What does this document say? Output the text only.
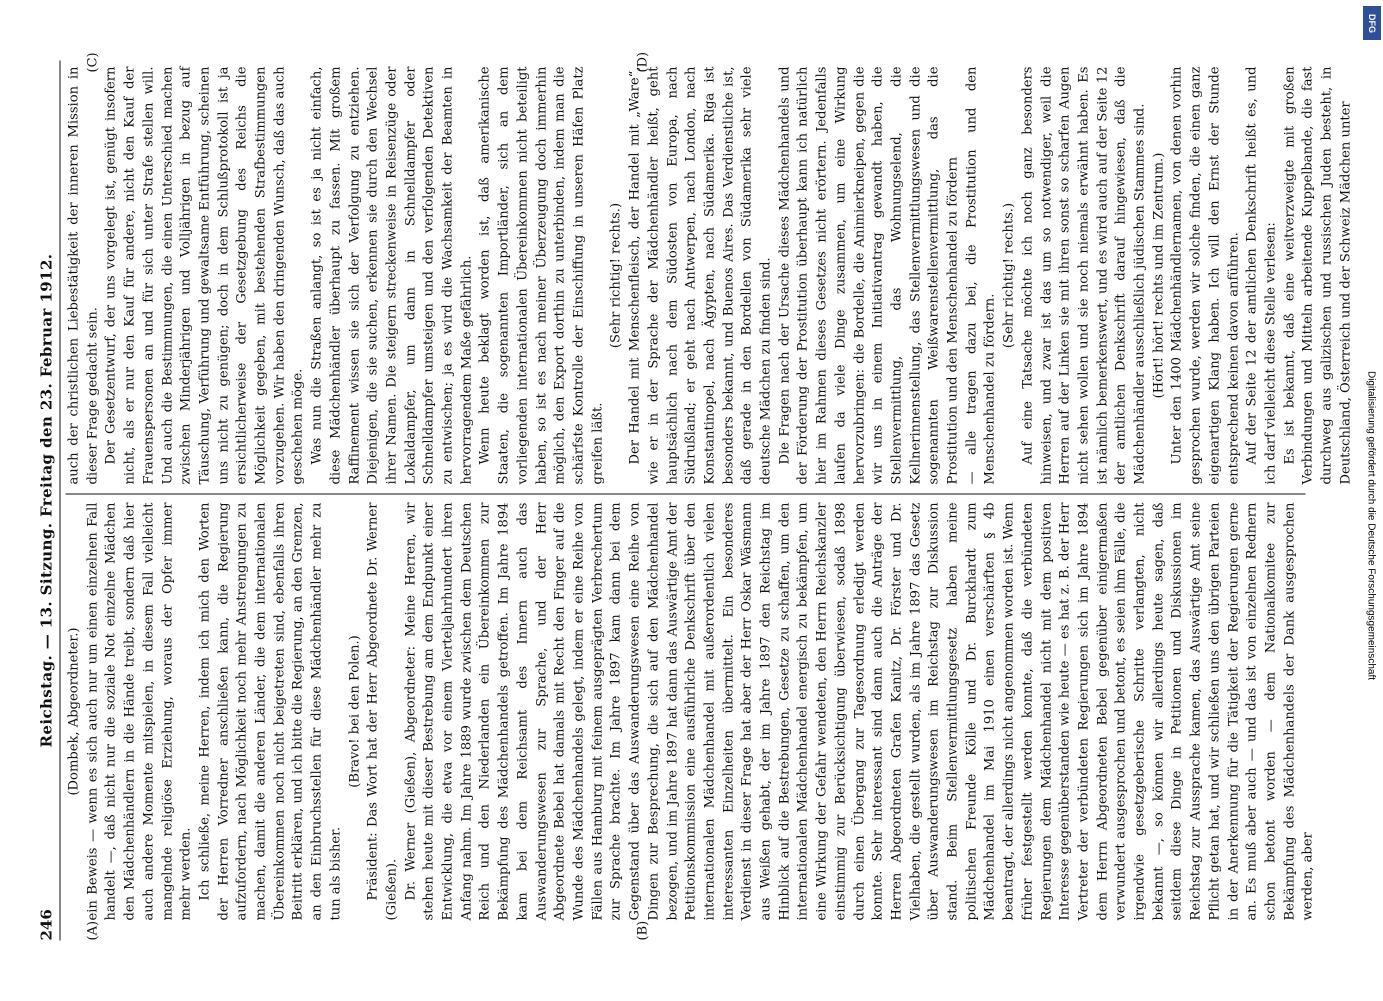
246
Reichstag. — 13. Sitzung. Freitag den 23. Februar 1912.
(A)	(B)
(C)	(D)

(Dombek, Abgeordneter.) ein Beweis — wenn es sich auch nur um einen einzelnen Fall handelt —, daß nicht nur die soziale Not einzelne Mädchen den Mädchenhändlern in die Hände treibt, sondern daß hier auch andere Momente mitspielen, in diesem Fall vielleicht mangelnde religiöse Erziehung, woraus der Opfer immer mehr werden. Ich schließe, meine Herren, indem ich mich den Worten der Herren Vorredner anschließen kann, die Regierung aufzufordern, nach Möglichkeit noch mehr Anstrengungen zu machen, damit die anderen Länder, die dem internationalen Übereinkommen noch nicht beigetreten sind, ebenfalls ihren Beitritt erklären, und ich bitte die Regierung, an den Grenzen, an den Einbruchsstellen für diese Mädchenhändler mehr zu tun als bisher.

(Bravo! bei den Polen.) Präsident: Das Wort hat der Herr Abgeordnete Dr. Werner (Gießen). Dr. Werner (Gießen), Abgeordneter: Meine Herren, wir stehen heute mit dieser Bestrebung am dem Endpunkt einer Entwicklung, die etwa vor einem Vierteljahrhundert ihren Anfang nahm. Im Jahre 1889 wurde zwischen dem Deutschen Reich und den Niederlanden ein Übereinkommen zur Bekämpfung des Mädchenhandels getroffen. Im Jahre 1894 kam bei dem Reichsamt des Innern auch das Auswanderungswesen zur Sprache, und der Herr Abgeordnete Bebel hat damals mit Recht den Finger auf die Wunde des Mädchenhandels gelegt, indem er eine Reihe von Fällen aus Hamburg mit feinem ausgeprägten Verbrechertum zur Sprache brachte. Im Jahre 1897 kam dann bei dem Gegenstand über das Auswanderungswesen eine Reihe von Dingen zur Besprechung, die sich auf den Mädchenhandel bezogen, und im Jahre 1897 hat dann das Auswärtige Amt der Petitionskommission eine ausführliche Denkschrift über den internationalen Mädchenhandel mit außerordentlich vielen interessanten Einzelheiten übermittelt. Ein besonderes Verdienst in dieser Frage hat aber der Herr Oskar Wäsmann aus Weißen gehabt, der im Jahre 1897 den Reichstag im Hinblick auf die Bestrebungen, Gesetze zu schaffen, um den internationalen Mädchenhandel energisch zu bekämpfen, um eine Wirkung der Gefahr wendeten, den Herrn Reichskanzler einstimmig zur Berücksichtigung überwiesen, sodaß 1898 durch einen Übergang zur Tagesordnung erledigt werden konnte. Sehr interessant sind dann auch die Anträge der Herren Abgeordneten Grafen Kanitz, Dr. Förster und Dr. Vielhaben, die gestellt wurden, als im Jahre 1897 das Gesetz über Auswanderungswesen im Reichstag zur Diskussion stand. Beim Stellenvermittlungsgesetz haben meine politischen Freunde Kölle und Dr. Burckhardt zum Mädchenhandel im Mai 1910 einen verschärften § 4b beantragt, der allerdings nicht angenommen worden ist. Wenn früher festgestellt werden konnte, daß die verbündeten Regierungen dem Mädchenhandel nicht mit dem positiven Interesse gegenüberstanden wie heute — es hat z. B. der Herr Vertreter der verbündeten Regierungen sich im Jahre 1894 dem Herrn Abgeordneten Bebel gegenüber einigermaßen verwundert ausgesprochen und betont, es seien ihm Fälle, die irgendwie gesetzgeberische Schritte verlangten, nicht bekannt —, so können wir allerdings heute sagen, daß seitdem diese Dinge in Petitionen und Diskussionen im Reichstag zur Aussprache kamen, das Auswärtige Amt seine Pflicht getan hat, und wir schließen uns den übrigen Parteien in der Anerkennung für die Tätigkeit der Regierungen gerne an. Es muß aber auch — und das ist von einzelnen Rednern schon betont worden — dem Nationalkomitee zur Bekämpfung des Mädchenhandels der Dank ausgesprochen werden, aber

auch der christlichen Liebestätigkeit der inneren Mission in dieser Frage gedacht sein. Der Gesetzentwurf, der uns vorgelegt ist, genügt insofern nicht, als er nur den Kauf für andere, nicht den Kauf der Frauenspersonen an und für sich unter Strafe stellen will. Und auch die Bestimmungen, die einen Unterschied machen zwischen Minderjährigen und Volljährigen in bezug auf Täuschung, Verführung und gewaltsame Entführung, scheinen uns nicht zu genügen; doch in dem Schlußprotokoll ist ja ersichtlicherweise der Gesetzgebung des Reichs die Möglichkeit gegeben, mit bestehenden Strafbestimmungen vorzugehen. Wir haben den dringenden Wunsch, daß das auch geschehen möge. Was nun die Straßen anlangt, so ist es ja nicht einfach, diese Mädchenhändler überhaupt zu fassen. Mit großem Raffinement wissen sie sich der Verfolgung zu entziehen. Diejenigen, die sie suchen, erkennen sie durch den Wechsel ihrer Namen. Die steigern streckenweise in Reisenzüge oder Lokaldampfer, um dann in Schnelldampfer oder Schnelldampfer umsteigen und den verfolgenden Detektiven zu entwischen; ja es wird die Wachsamkeit der Beamten in hervorragendem Maße gefährlich. Wenn heute beklagt worden ist, daß amerikanische Staaten, die sogenannten Importländer, sich an dem vorliegenden internationalen Übereinkommen nicht beteiligt haben, so ist es nach meiner Überzeugung doch immerhin möglich, den Export dorthin zu unterbinden, indem man die schärfste Kontrolle der Einschiffung in unseren Häfen Platz greifen läßt.

(Sehr richtig! rechts.) Der Handel mit Menschenfleisch, der Handel mit „Ware“, wie er in der Sprache der Mädchenhändler heißt, geht hauptsächlich nach dem Südosten von Europa, nach Südrußland; er geht nach Antwerpen, nach London, nach Konstantinopel, nach Ägypten, nach Südamerika. Riga ist besonders bekannt, und Buenos Aires. Das Verdienstliche ist, daß gerade in den Bordellen von Südamerika sehr viele deutsche Mädchen zu finden sind. Die Fragen nach der Ursache dieses Mädchenhandels und der Förderung der Prostitution überhaupt kann ich natürlich hier im Rahmen dieses Gesetzes nicht erörtern. Jedenfalls laufen da viele Dinge zusammen, um eine Wirkung hervorzubringen: die Bordelle, die Animierkneipen, gegen die wir uns in einem Initiativantrag gewandt haben, die Stellenvermittlung, das Wohnungselend, die Kellnerinnenstellung, das Stellenvermittlungswesen und die sogenannten Weißwarenstellenvermittlung, das die Prostitution und den Menschenhandel zu fördern — alle tragen dazu bei, die Prostitution und den Menschenhandel zu fördern.

(Sehr richtig! rechts.) Auf eine Tatsache möchte ich noch ganz besonders hinweisen, und zwar ist das um so notwendiger, weil die Herren auf der Linken sie mit ihren sonst so scharfen Augen nicht sehen wollen und sie noch niemals erwähnt haben. Es ist nämlich bemerkenswert, und es wird auch auf der Seite 12 der amtlichen Denkschrift darauf hingewiesen, daß die Mädchenhändler ausschließlich jüdischen Stammes sind. (Hört! hört! rechts und im Zentrum.) Unter den 1400 Mädchenhändlernamen, von denen vorhin gesprochen wurde, werden wir solche finden, die einen ganz eigenartigen Klang haben. Ich will den Ernst der Stunde entsprechend keinen davon anführen. Auf der Seite 12 der amtlichen Denkschrift heißt es, und ich darf vielleicht diese Stelle verlesen: Es ist bekannt, daß eine weitverzweigte mit großen Verbindungen und Mitteln arbeitende Kuppelbande, die fast durchweg aus galizischen und russischen Juden besteht, in Deutschland, Österreich und der Schweiz Mädchen unter

DFG
Digitalisierung gefördert durch die Deutsche Forschungsgemeinschaft
